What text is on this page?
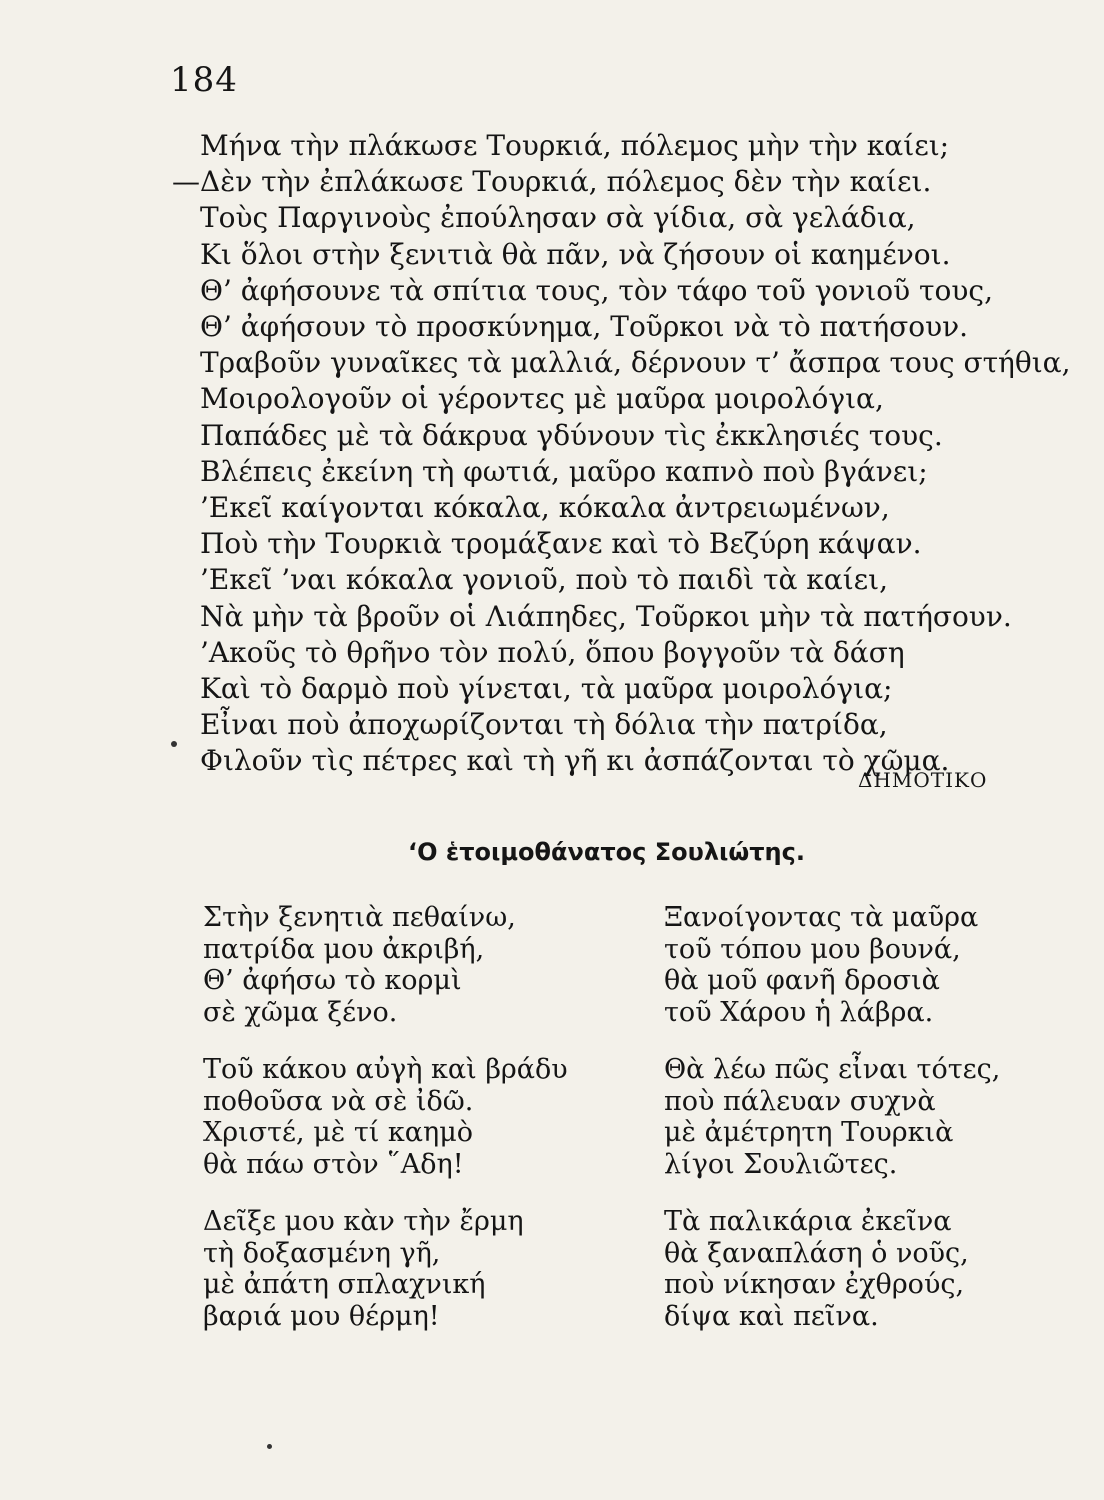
184
Μήνα τὴν πλάκωσε Τουρκιά, πόλεμος μὴν τὴν καίει;
—Δὲν τὴν ἐπλάκωσε Τουρκιά, πόλεμος δὲν τὴν καίει.
Τοὺς Παργινοὺς ἐπούλησαν σὰ γίδια, σὰ γελάδια,
Κι ὅλοι στὴν ξενιτιὰ θὰ πᾶν, νὰ ζήσουν οἱ καημένοι.
Θ’ ἀφήσουνε τὰ σπίτια τους, τὸν τάφο τοῦ γονιοῦ τους,
Θ’ ἀφήσουν τὸ προσκύνημα, Τοῦρκοι νὰ τὸ πατήσουν.
Τραβοῦν γυναῖκες τὰ μαλλιά, δέρνουν τ’ ἄσπρα τους στήθια,
Μοιρολογοῦν οἱ γέροντες μὲ μαῦρα μοιρολόγια,
Παπάδες μὲ τὰ δάκρυα γδύνουν τὶς ἐκκλησιές τους.
Βλέπεις ἐκείνη τὴ φωτιά, μαῦρο καπνὸ ποὺ βγάνει;
’Εκεῖ καίγονται κόκαλα, κόκαλα ἀντρειωμένων,
Ποὺ τὴν Τουρκιὰ τρομάξανε καὶ τὸ Βεζύρη κάψαν.
’Εκεῖ ’ναι κόκαλα γονιοῦ, ποὺ τὸ παιδὶ τὰ καίει,
Νὰ μὴν τὰ βροῦν οἱ Λιάπηδες, Τοῦρκοι μὴν τὰ πατήσουν.
’Ακοῦς τὸ θρῆνο τὸν πολύ, ὅπου βογγοῦν τὰ δάση
Καὶ τὸ δαρμὸ ποὺ γίνεται, τὰ μαῦρα μοιρολόγια;
Εἶναι ποὺ ἀποχωρίζονται τὴ δόλια τὴν πατρίδα,
Φιλοῦν τὶς πέτρες καὶ τὴ γῆ κι ἀσπάζονται τὸ χῶμα.
ΔΗΜΟΤΙΚΟ
‘Ο ἑτοιμοθάνατος Σουλιώτης.
Στὴν ξενητιὰ πεθαίνω,
πατρίδα μου ἀκριβή,
Θ’ ἀφήσω τὸ κορμὶ
σὲ χῶμα ξένο.
Τοῦ κάκου αὐγὴ καὶ βράδυ
ποθοῦσα νὰ σὲ ἰδῶ.
Χριστέ, μὲ τί καημὸ
θὰ πάω στὸν ῞Αδη!
Δεῖξε μου κὰν τὴν ἔρμη
τὴ δοξασμένη γῆ,
μὲ ἀπάτη σπλαχνική
βαριά μου θέρμη!
Ξανοίγοντας τὰ μαῦρα
τοῦ τόπου μου βουνά,
θὰ μοῦ φανῆ δροσιὰ
τοῦ Χάρου ἡ λάβρα.
Θὰ λέω πῶς εἶναι τότες,
ποὺ πάλευαν συχνὰ
μὲ ἀμέτρητη Τουρκιὰ
λίγοι Σουλιῶτες.
Τὰ παλικάρια ἐκεῖνα
θὰ ξαναπλάση ὁ νοῦς,
ποὺ νίκησαν ἐχθρούς,
δίψα καὶ πεῖνα.
